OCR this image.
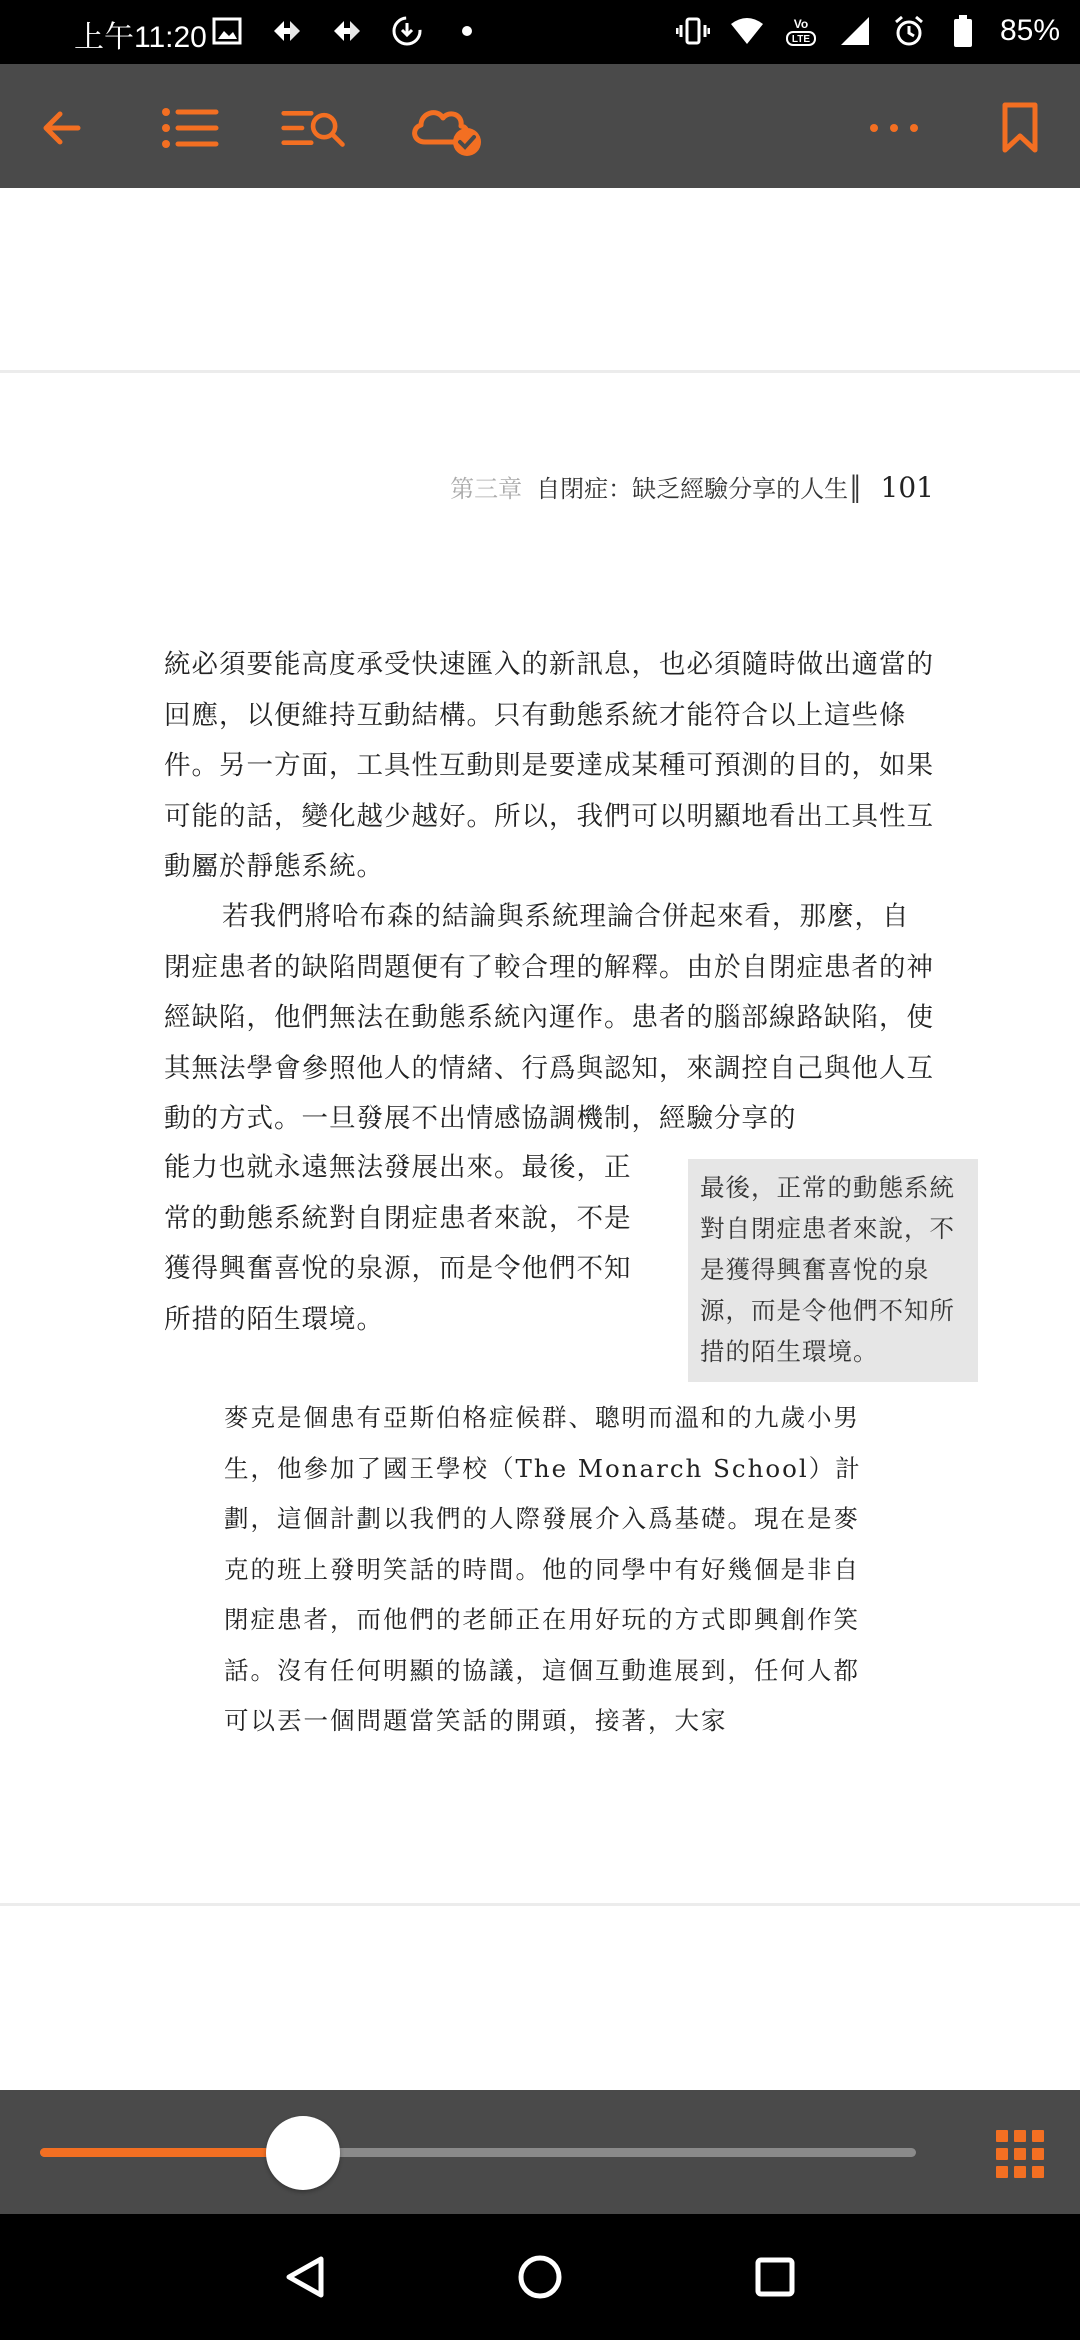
上午11:20	Vo
LTE	85%
第三章 自閉症：缺乏經驗分享的人生║ 101

統必須要能高度承受快速匯入的新訊息，也必須隨時做出適當的回應，以便維持互動結構。只有動態系統才能符合以上這些條件。另一方面，工具性互動則是要達成某種可預測的目的，如果可能的話，變化越少越好。所以，我們可以明顯地看出工具性互動屬於靜態系統。

若我們將哈布森的結論與系統理論合併起來看，那麼，自閉症患者的缺陷問題便有了較合理的解釋。由於自閉症患者的神經缺陷，他們無法在動態系統內運作。患者的腦部線路缺陷，使其無法學會參照他人的情緒、行爲與認知，來調控自己與他人互動的方式。一旦發展不出情感協調機制，經驗分享的

能力也就永遠無法發展出來。最後，正常的動態系統對自閉症患者來說，不是獲得興奮喜悅的泉源，而是令他們不知所措的陌生環境。

最後，正常的動態系統對自閉症患者來說，不是獲得興奮喜悅的泉源，而是令他們不知所措的陌生環境。

麥克是個患有亞斯伯格症候群、聰明而溫和的九歲小男生，他參加了國王學校（The Monarch School）計劃，這個計劃以我們的人際發展介入爲基礎。現在是麥克的班上發明笑話的時間。他的同學中有好幾個是非自閉症患者，而他們的老師正在用好玩的方式即興創作笑話。沒有任何明顯的協議，這個互動進展到，任何人都可以丟一個問題當笑話的開頭，接著，大家
